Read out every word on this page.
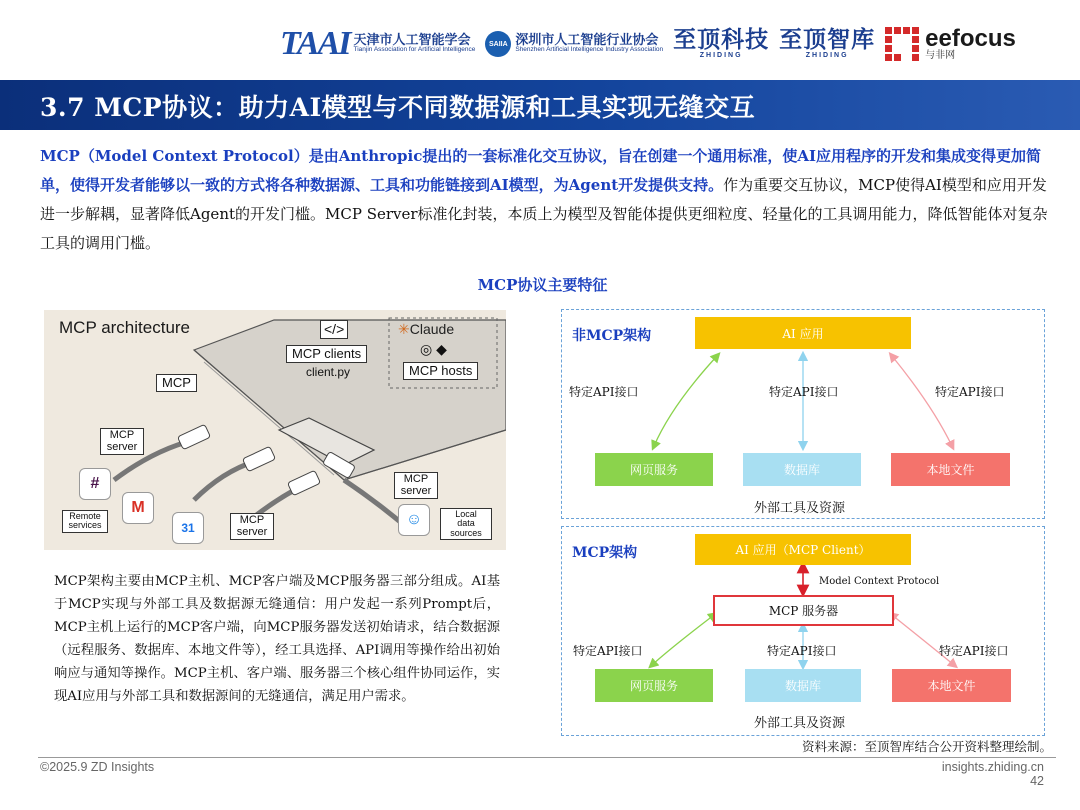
TAAI 天津市人工智能学会
Tianjin Association for Artificial Intelligence
SAIIA 深圳市人工智能行业协会
Shenzhen Artificial Intelligence Industry Association 至顶科技
ZHIDING
至顶智库
ZHIDING
eefocus
与非网
3.7 MCP协议：助力AI模型与不同数据源和工具实现无缝交互

MCP（Model Context Protocol）是由Anthropic提出的一套标准化交互协议，旨在创建一个通用标准，使AI应用程序的开发和集成变得更加简单，使得开发者能够以一致的方式将各种数据源、工具和功能链接到AI模型，为Agent开发提供支持。作为重要交互协议，MCP使得AI模型和应用开发进一步解耦，显著降低Agent的开发门槛。MCP Server标准化封装，本质上为模型及智能体提供更细粒度、轻量化的工具调用能力，降低智能体对复杂工具的调用门槛。

MCP协议主要特征
MCP architecture
MCP
MCP clients
client.py
</>	✳Claude
◎ ◆
MCP hosts
MCP server
MCP server
MCP server
#
M
31	☺
Remote services
Local data sources

MCP架构主要由MCP主机、MCP客户端及MCP服务器三部分组成。AI基于MCP实现与外部工具及数据源无缝通信：用户发起一系列Prompt后，MCP主机上运行的MCP客户端，向MCP服务器发送初始请求，结合数据源（远程服务、数据库、本地文件等），经工具选择、API调用等操作给出初始响应与通知等操作。MCP主机、客户端、服务器三个核心组件协同运作，实现AI应用与外部工具和数据源间的无缝通信，满足用户需求。

非MCP架构	AI 应用
特定API接口	特定API接口	特定API接口
网页服务	数据库	本地文件
外部工具及资源
MCP架构	AI 应用（MCP Client）
Model Context Protocol
MCP 服务器
特定API接口	特定API接口	特定API接口
网页服务	数据库	本地文件
外部工具及资源
资料来源：至顶智库结合公开资料整理绘制。
©2025.9 ZD Insights	insights.zhiding.cn
42
